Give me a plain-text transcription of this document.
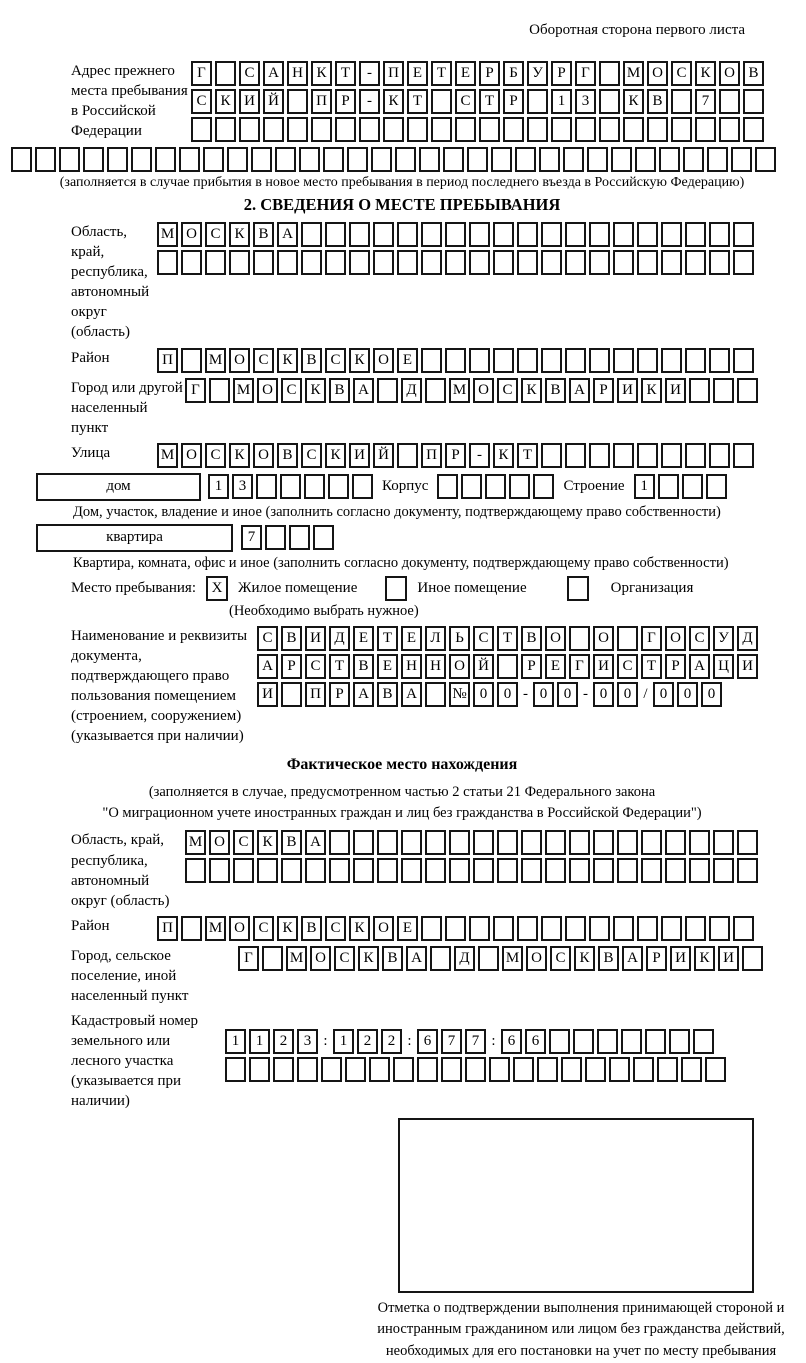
Оборотная сторона первого листа
Адрес прежнего места пребывания в Российской Федерации
Г	С А Н К Т	-	П Е Т Е	Р	Б У Р	Г	М О С К О В
С К И Й	П Р	-	К Т	С Т	Р	1	3	К В	7
(заполняется в случае прибытия в новое место пребывания в период последнего въезда в Российскую Федерацию)
2. СВЕДЕНИЯ О МЕСТЕ ПРЕБЫВАНИЯ
Область, край, республика, автономный округ (область)
М О С К В А
Район	П	М О С К В С К О Е
Город или другой населенный пункт
Г	М О С К В А	Д	М О С К В А Р И К И
Улица	М О С К О В С К И Й	П Р	-	К Т
дом	1	3	Корпус	Строение	1
Дом, участок, владение и иное (заполнить согласно документу, подтверждающему право собственности)
квартира	7
Квартира, комната, офис и иное (заполнить согласно документу, подтверждающему право собственности)
Место пребывания:	X	Жилое помещение	Иное помещение	Организация
(Необходимо выбрать нужное)
Наименование и реквизиты документа, подтверждающего право пользования помещением (строением, сооружением) (указывается при наличии)
С В И Д Е Т Е Л Ь С Т В О	О	Г О С У Д
А Р С Т В Е Н Н О Й	Р	Е	Г И С Т	Р А Ц И
И	П Р А В А	№ 0	0 - 0	0 - 0	0 / 0	0	0
Фактическое место нахождения
(заполняется в случае, предусмотренном частью 2 статьи 21 Федерального закона
"О миграционном учете иностранных граждан и лиц без гражданства в Российской Федерации")
Область, край, республика, автономный округ (область)
М О С К В А
Район	П	М О С К В С К О Е
Город, сельское поселение, иной населенный пункт
Г	М О С К В А	Д	М О С К В А Р И К И
Кадастровый номер земельного или лесного участка (указывается при наличии)
1	1	2	3 : 1	2	2 : 6	7	7 : 6	6
Отметка о подтверждении выполнения принимающей стороной и иностранным гражданином или лицом без гражданства действий, необходимых для его постановки на учет по месту пребывания
